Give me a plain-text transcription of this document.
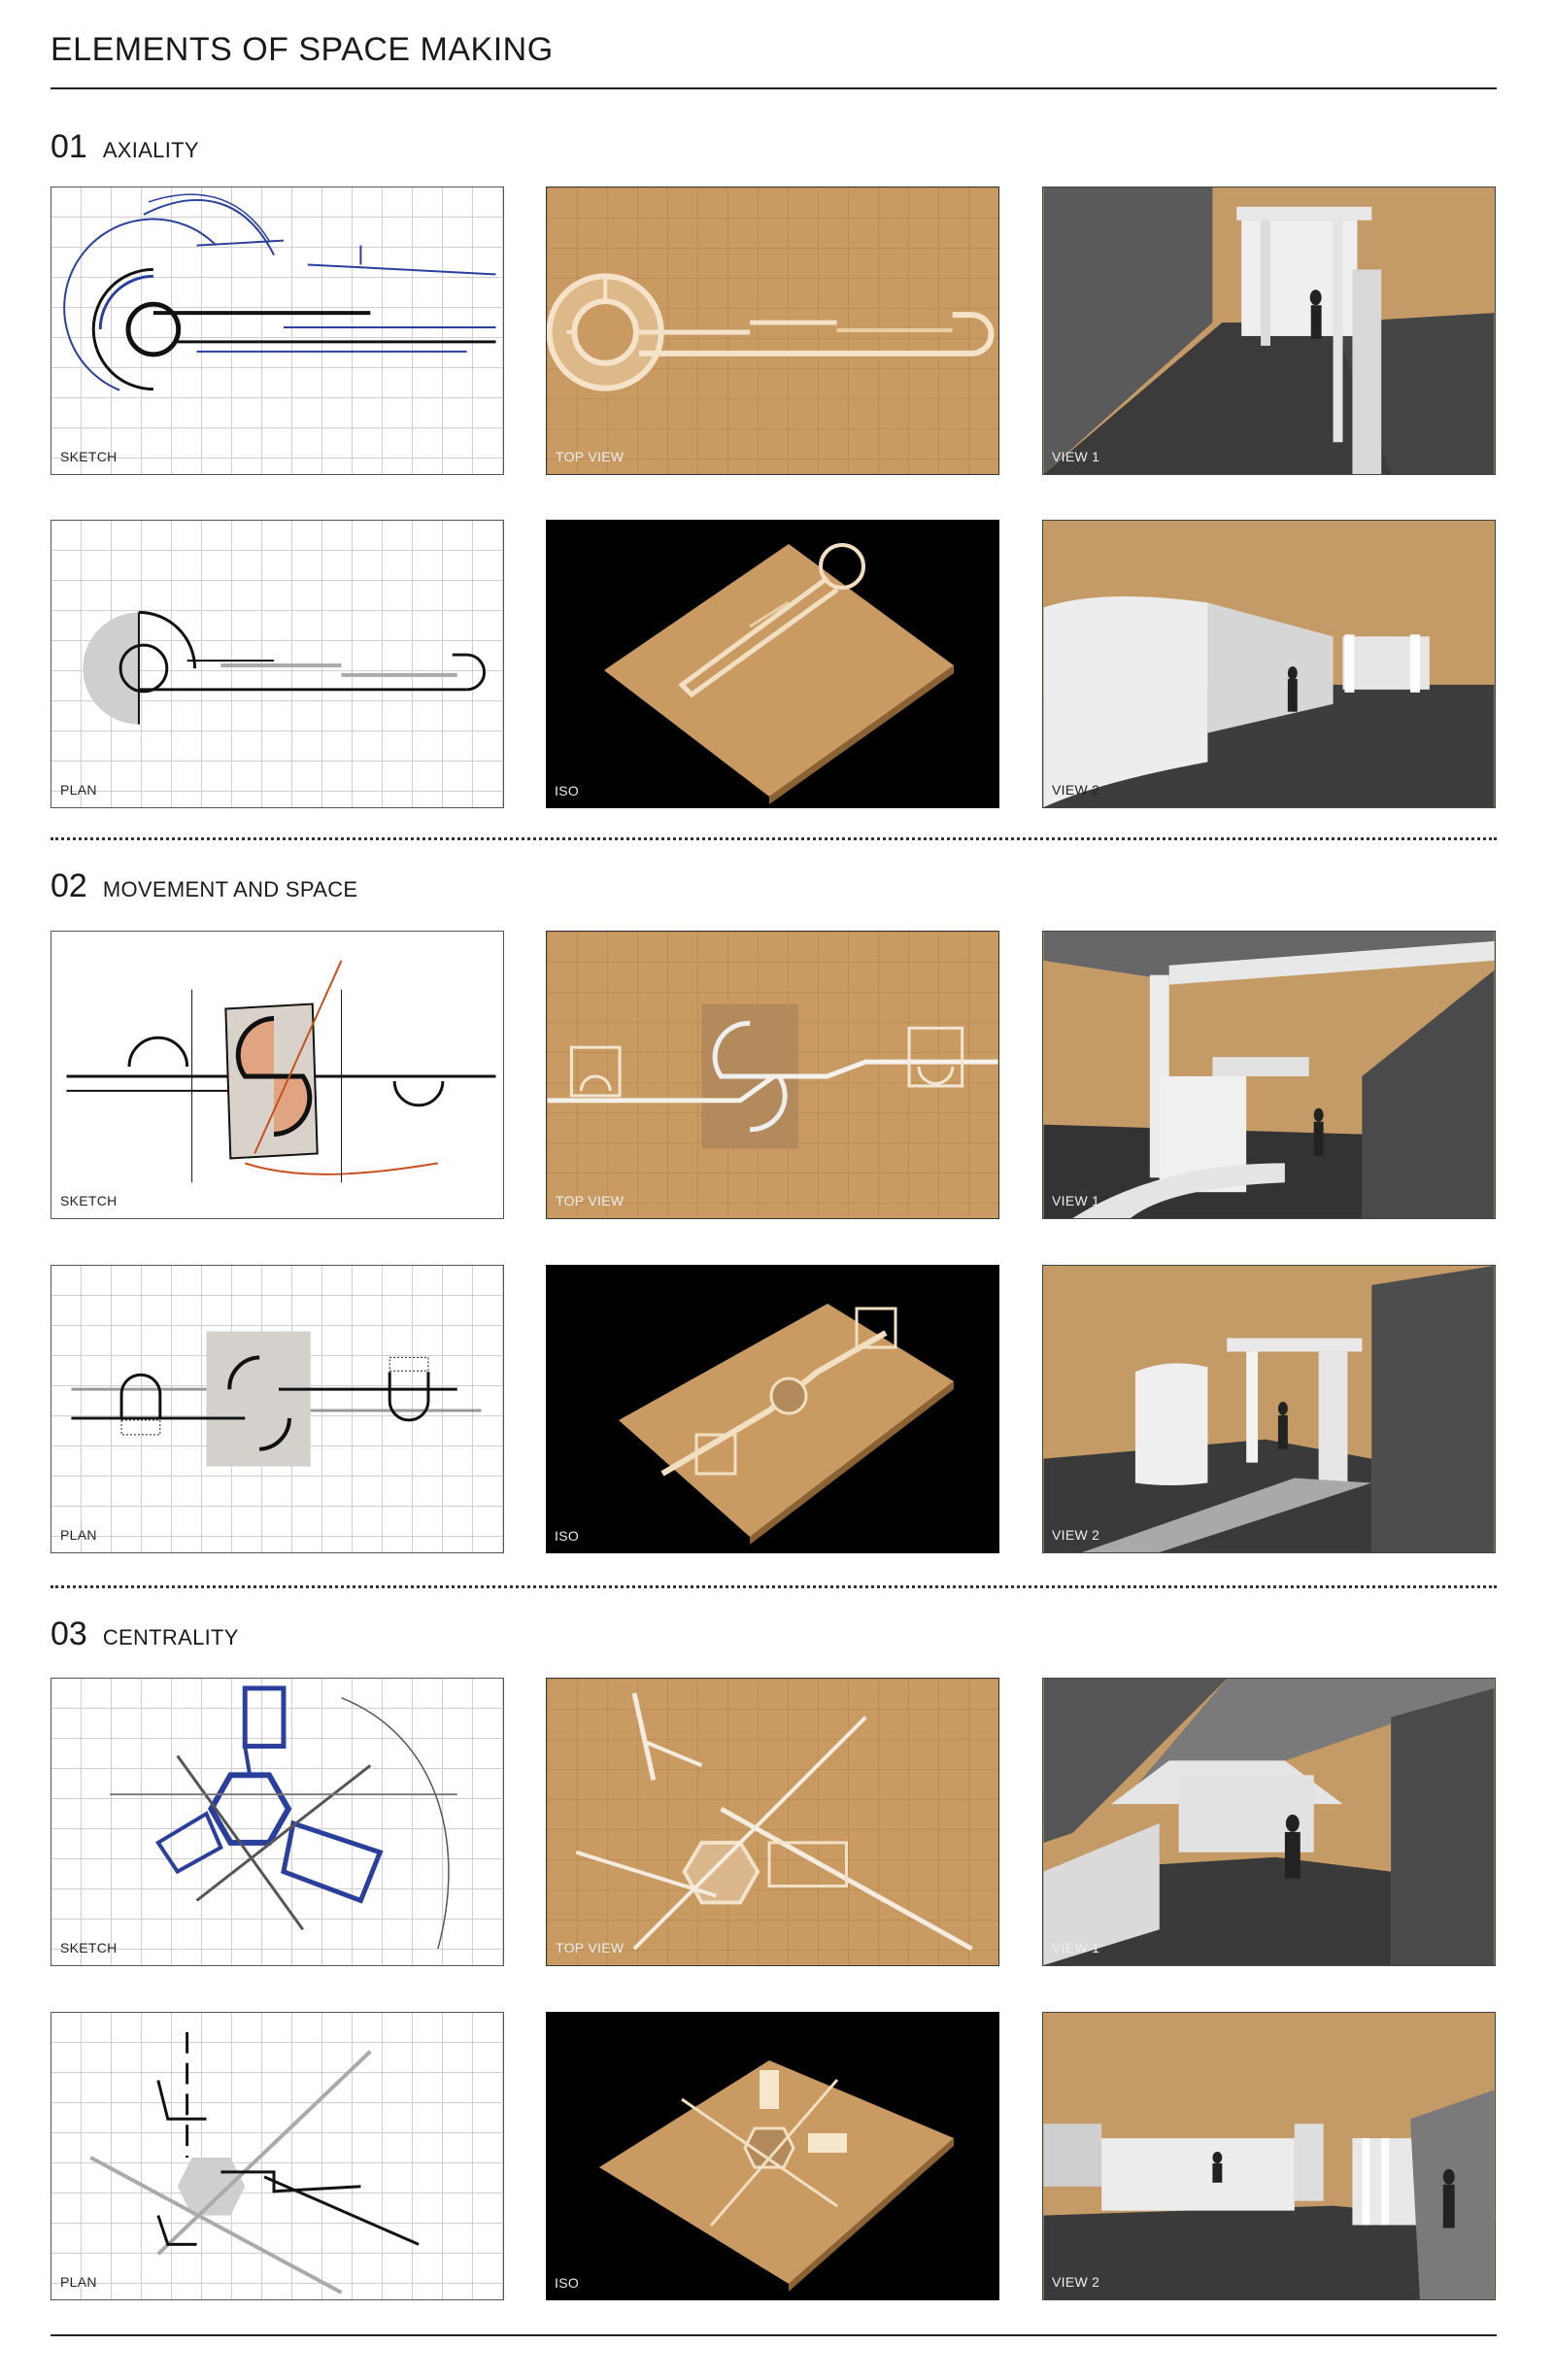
ELEMENTS OF SPACE MAKING
01 AXIALITY
SKETCH	TOP VIEW	VIEW 1
PLAN	ISO	VIEW 2
02 MOVEMENT AND SPACE
SKETCH	TOP VIEW	VIEW 1
PLAN	ISO	VIEW 2
03 CENTRALITY
SKETCH	TOP VIEW	VIEW 1
PLAN	ISO	VIEW 2
